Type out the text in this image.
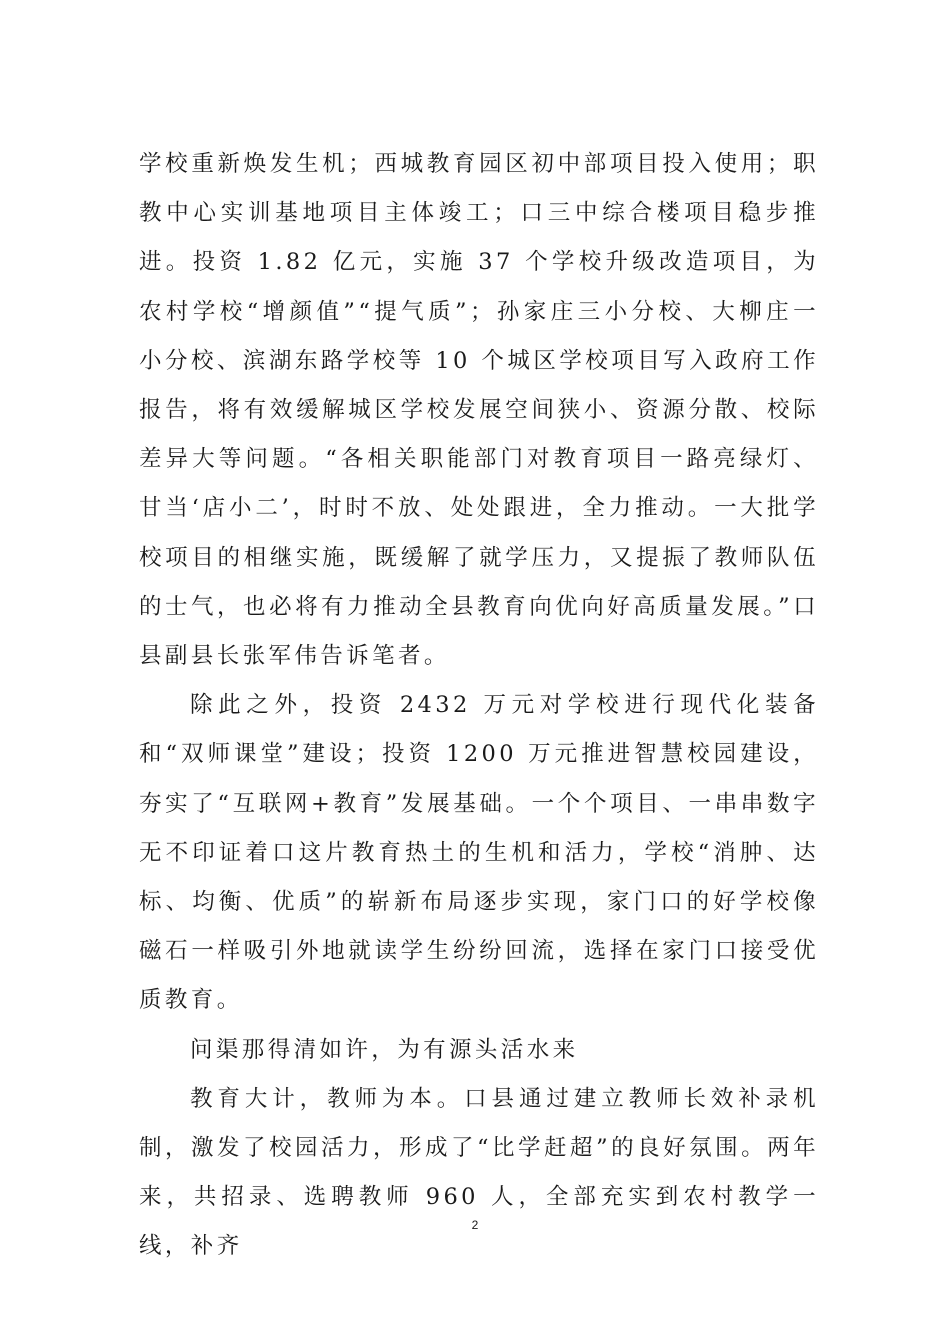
学校重新焕发生机；西城教育园区初中部项目投入使用；职教中心实训基地项目主体竣工；口三中综合楼项目稳步推进。投资 1.82 亿元，实施 37 个学校升级改造项目，为农村学校“增颜值”“提气质”；孙家庄三小分校、大柳庄一小分校、滨湖东路学校等 10 个城区学校项目写入政府工作报告，将有效缓解城区学校发展空间狭小、资源分散、校际差异大等问题。“各相关职能部门对教育项目一路亮绿灯、甘当‘店小二’，时时不放、处处跟进，全力推动。一大批学校项目的相继实施，既缓解了就学压力，又提振了教师队伍的士气，也必将有力推动全县教育向优向好高质量发展。”口县副县长张军伟告诉笔者。

除此之外，投资 2432 万元对学校进行现代化装备和“双师课堂”建设；投资 1200 万元推进智慧校园建设，夯实了“互联网+教育”发展基础。一个个项目、一串串数字无不印证着口这片教育热土的生机和活力，学校“消肿、达标、均衡、优质”的崭新布局逐步实现，家门口的好学校像磁石一样吸引外地就读学生纷纷回流，选择在家门口接受优质教育。

问渠那得清如许，为有源头活水来

教育大计，教师为本。口县通过建立教师长效补录机制，激发了校园活力，形成了“比学赶超”的良好氛围。两年来，共招录、选聘教师 960 人，全部充实到农村教学一线，补齐

2
